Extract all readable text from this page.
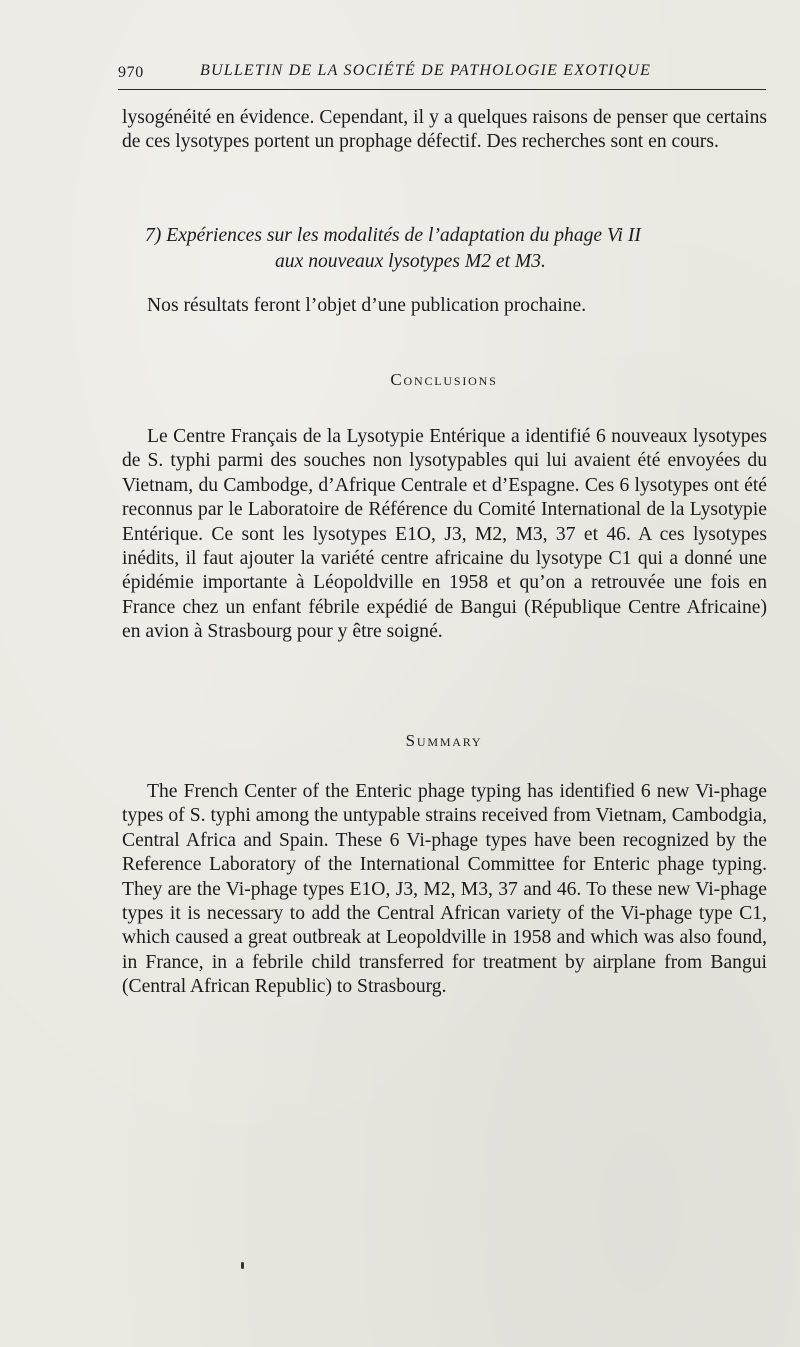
970	BULLETIN DE LA SOCIÉTÉ DE PATHOLOGIE EXOTIQUE

lysogénéité en évidence. Cependant, il y a quelques raisons de penser que certains de ces lysotypes portent un prophage défectif. Des recherches sont en cours.

7) Expériences sur les modalités de l’adaptation du phage Vi II
aux nouveaux lysotypes M2 et M3.

Nos résultats feront l’objet d’une publication prochaine.

Conclusions

Le Centre Français de la Lysotypie Entérique a identifié 6 nouveaux lysotypes de S. typhi parmi des souches non lysotypables qui lui avaient été envoyées du Vietnam, du Cambodge, d’Afrique Centrale et d’Espagne. Ces 6 lysotypes ont été reconnus par le Laboratoire de Référence du Comité International de la Lysotypie Entérique. Ce sont les lysotypes E1O, J3, M2, M3, 37 et 46. A ces lysotypes inédits, il faut ajouter la variété centre africaine du lysotype C1 qui a donné une épidémie importante à Léopoldville en 1958 et qu’on a retrouvée une fois en France chez un enfant fébrile expédié de Bangui (République Centre Africaine) en avion à Strasbourg pour y être soigné.

Summary

The French Center of the Enteric phage typing has identified 6 new Vi-phage types of S. typhi among the untypable strains received from Vietnam, Cambodgia, Central Africa and Spain. These 6 Vi-phage types have been recognized by the Reference Laboratory of the International Committee for Enteric phage typing. They are the Vi-phage types E1O, J3, M2, M3, 37 and 46. To these new Vi-phage types it is necessary to add the Central African variety of the Vi-phage type C1, which caused a great outbreak at Leopoldville in 1958 and which was also found, in France, in a febrile child transferred for treatment by airplane from Bangui (Central African Republic) to Strasbourg.
